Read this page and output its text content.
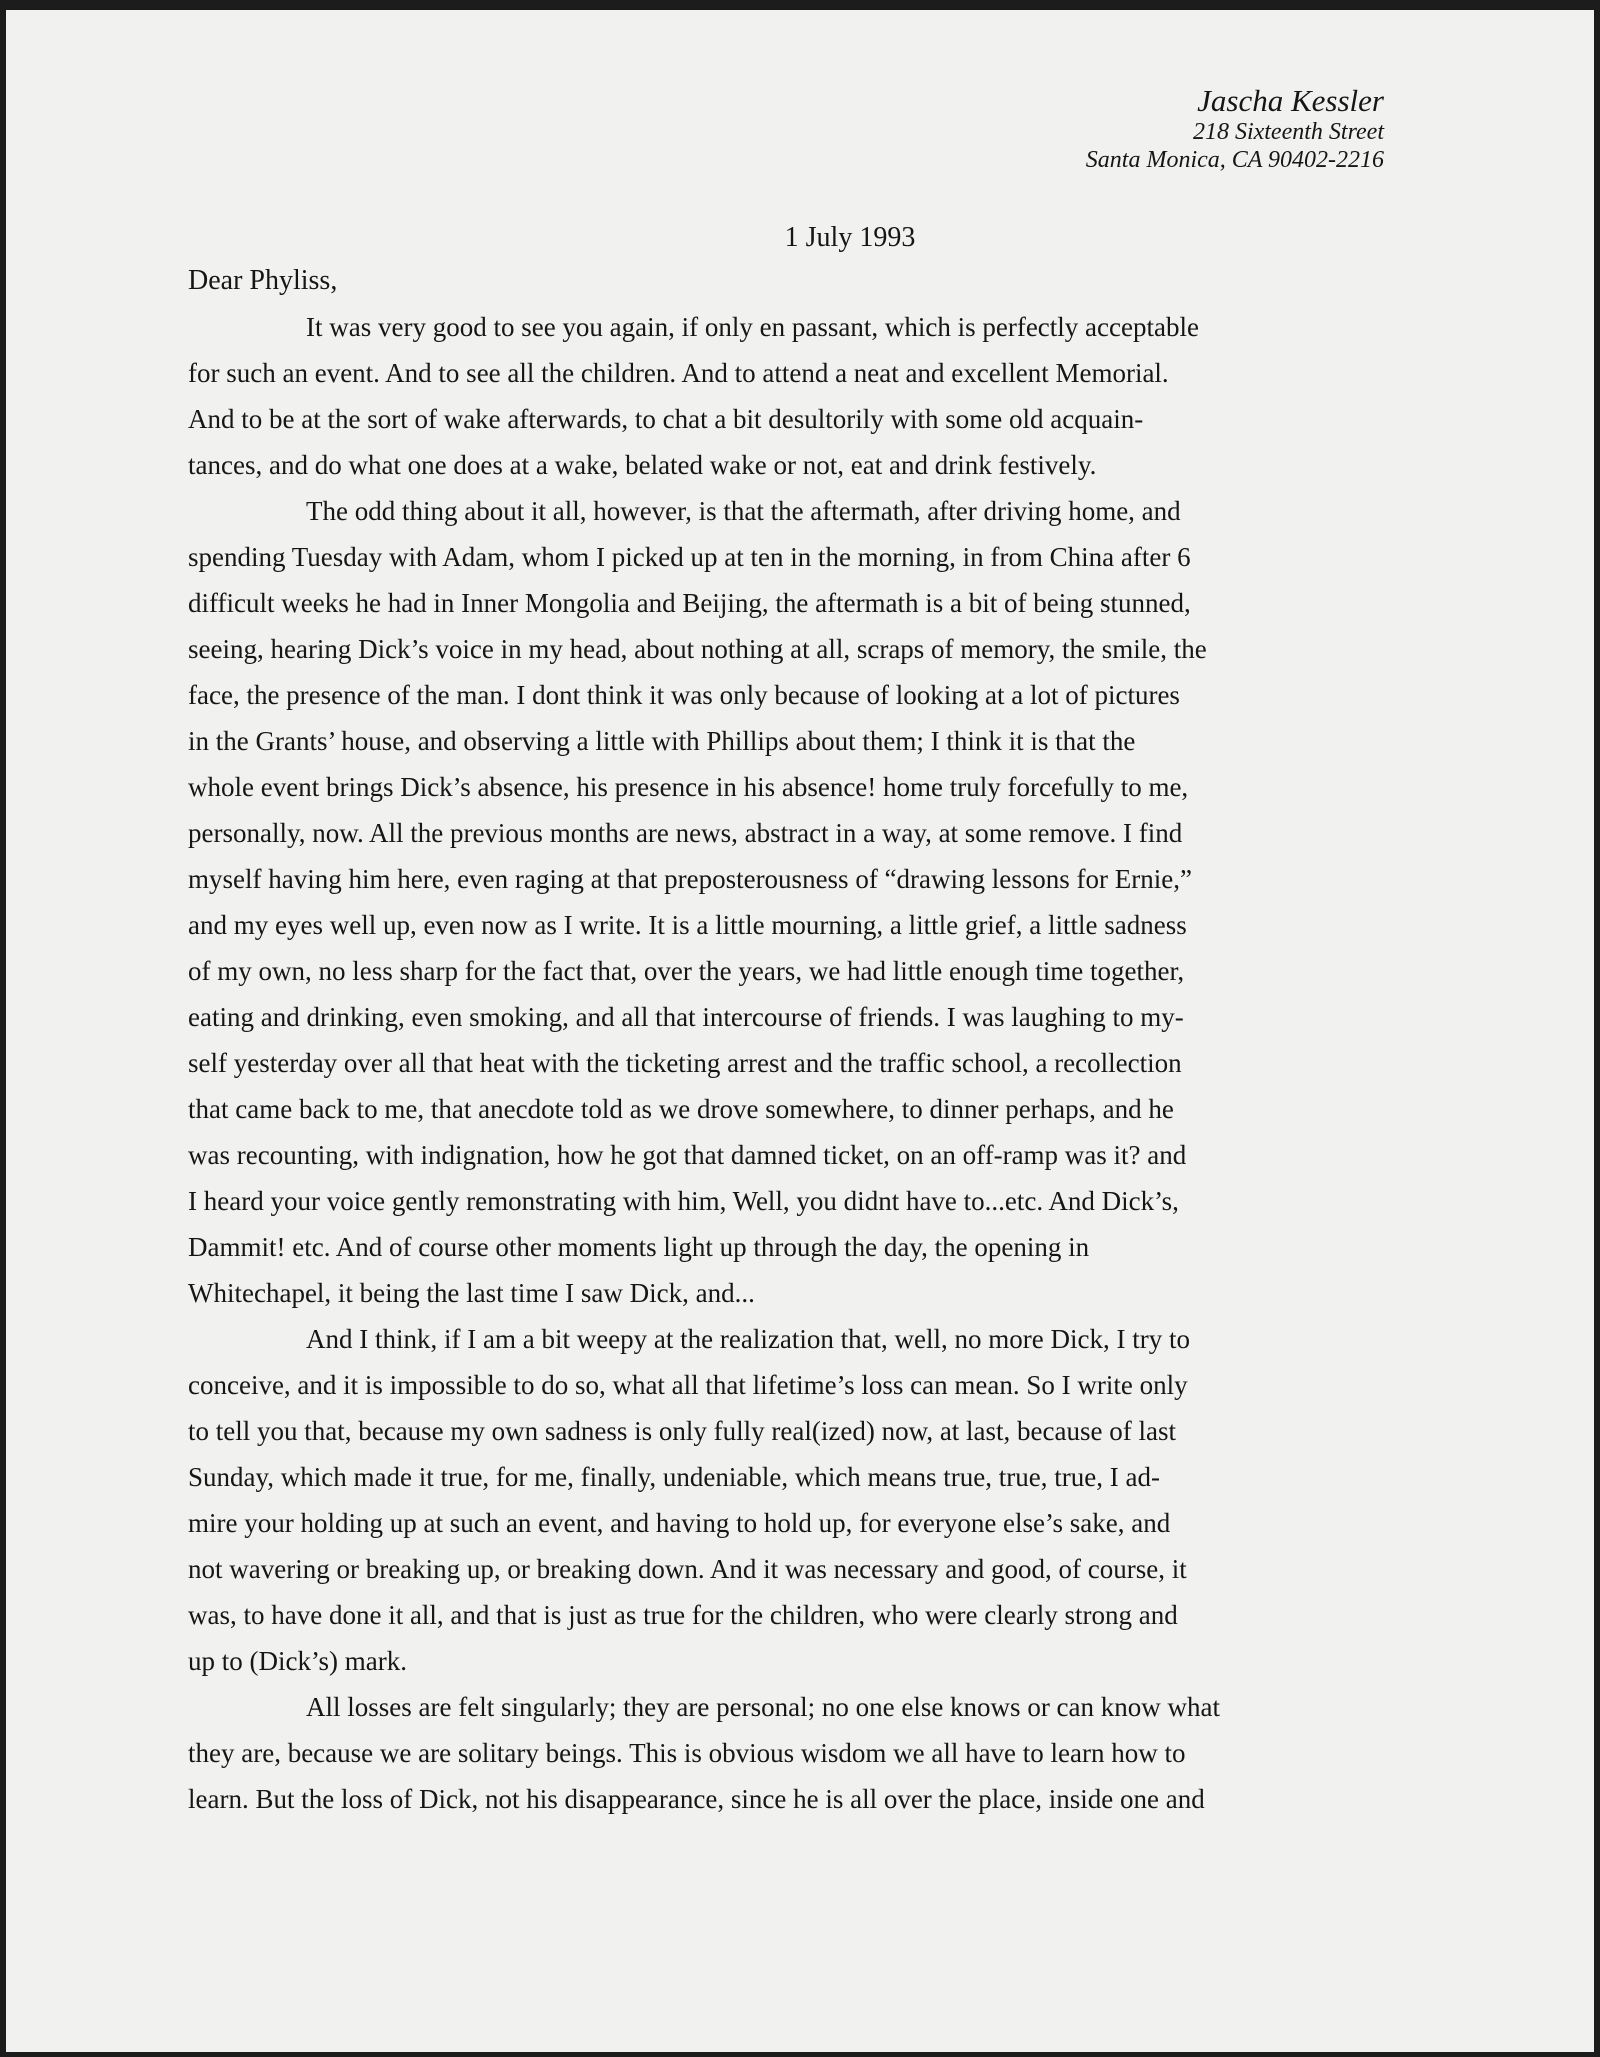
Jascha Kessler
218 Sixteenth Street
Santa Monica, CA 90402-2216
1 July 1993
Dear Phyliss,

It was very good to see you again, if only en passant, which is perfectly acceptable
for such an event. And to see all the children. And to attend a neat and excellent Memorial.
And to be at the sort of wake afterwards, to chat a bit desultorily with some old acquain-
tances, and do what one does at a wake, belated wake or not, eat and drink festively.

The odd thing about it all, however, is that the aftermath, after driving home, and
spending Tuesday with Adam, whom I picked up at ten in the morning, in from China after 6
difficult weeks he had in Inner Mongolia and Beijing, the aftermath is a bit of being stunned,
seeing, hearing Dick’s voice in my head, about nothing at all, scraps of memory, the smile, the
face, the presence of the man. I dont think it was only because of looking at a lot of pictures
in the Grants’ house, and observing a little with Phillips about them; I think it is that the
whole event brings Dick’s absence, his presence in his absence! home truly forcefully to me,
personally, now. All the previous months are news, abstract in a way, at some remove. I find
myself having him here, even raging at that preposterousness of “drawing lessons for Ernie,”
and my eyes well up, even now as I write. It is a little mourning, a little grief, a little sadness
of my own, no less sharp for the fact that, over the years, we had little enough time together,
eating and drinking, even smoking, and all that intercourse of friends. I was laughing to my-
self yesterday over all that heat with the ticketing arrest and the traffic school, a recollection
that came back to me, that anecdote told as we drove somewhere, to dinner perhaps, and he
was recounting, with indignation, how he got that damned ticket, on an off-ramp was it? and
I heard your voice gently remonstrating with him, Well, you didnt have to...etc. And Dick’s,
Dammit! etc. And of course other moments light up through the day, the opening in
Whitechapel, it being the last time I saw Dick, and...

And I think, if I am a bit weepy at the realization that, well, no more Dick, I try to
conceive, and it is impossible to do so, what all that lifetime’s loss can mean. So I write only
to tell you that, because my own sadness is only fully real(ized) now, at last, because of last
Sunday, which made it true, for me, finally, undeniable, which means true, true, true, I ad-
mire your holding up at such an event, and having to hold up, for everyone else’s sake, and
not wavering or breaking up, or breaking down. And it was necessary and good, of course, it
was, to have done it all, and that is just as true for the children, who were clearly strong and
up to (Dick’s) mark.

All losses are felt singularly; they are personal; no one else knows or can know what
they are, because we are solitary beings. This is obvious wisdom we all have to learn how to
learn. But the loss of Dick, not his disappearance, since he is all over the place, inside one and
